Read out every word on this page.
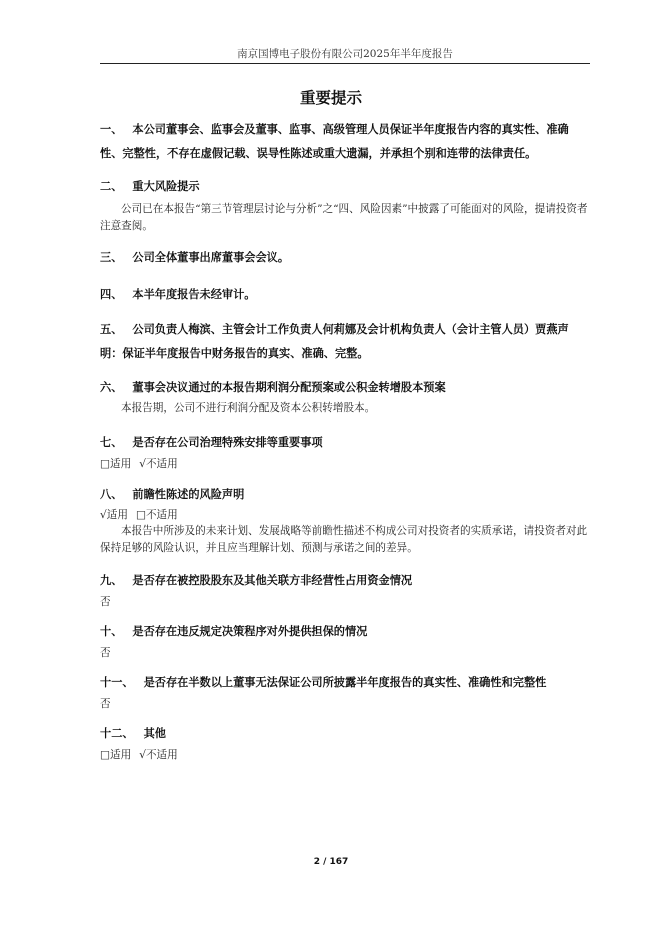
南京国博电子股份有限公司2025年半年度报告
重要提示
一、 本公司董事会、监事会及董事、监事、高级管理人员保证半年度报告内容的真实性、准确性、完整性，不存在虚假记载、误导性陈述或重大遗漏，并承担个别和连带的法律责任。
二、 重大风险提示
公司已在本报告“第三节管理层讨论与分析”之“四、风险因素”中披露了可能面对的风险，提请投资者注意查阅。
三、 公司全体董事出席董事会会议。
四、 本半年度报告未经审计。
五、 公司负责人梅滨、主管会计工作负责人何莉娜及会计机构负责人（会计主管人员）贾燕声明：保证半年度报告中财务报告的真实、准确、完整。
六、 董事会决议通过的本报告期利润分配预案或公积金转增股本预案
本报告期，公司不进行利润分配及资本公积转增股本。
七、 是否存在公司治理特殊安排等重要事项
□适用 √不适用
八、 前瞻性陈述的风险声明
√适用 □不适用
本报告中所涉及的未来计划、发展战略等前瞻性描述不构成公司对投资者的实质承诺，请投资者对此保持足够的风险认识，并且应当理解计划、预测与承诺之间的差异。
九、 是否存在被控股股东及其他关联方非经营性占用资金情况
否
十、 是否存在违反规定决策程序对外提供担保的情况
否
十一、 是否存在半数以上董事无法保证公司所披露半年度报告的真实性、准确性和完整性
否
十二、 其他
□适用 √不适用
2 / 167
